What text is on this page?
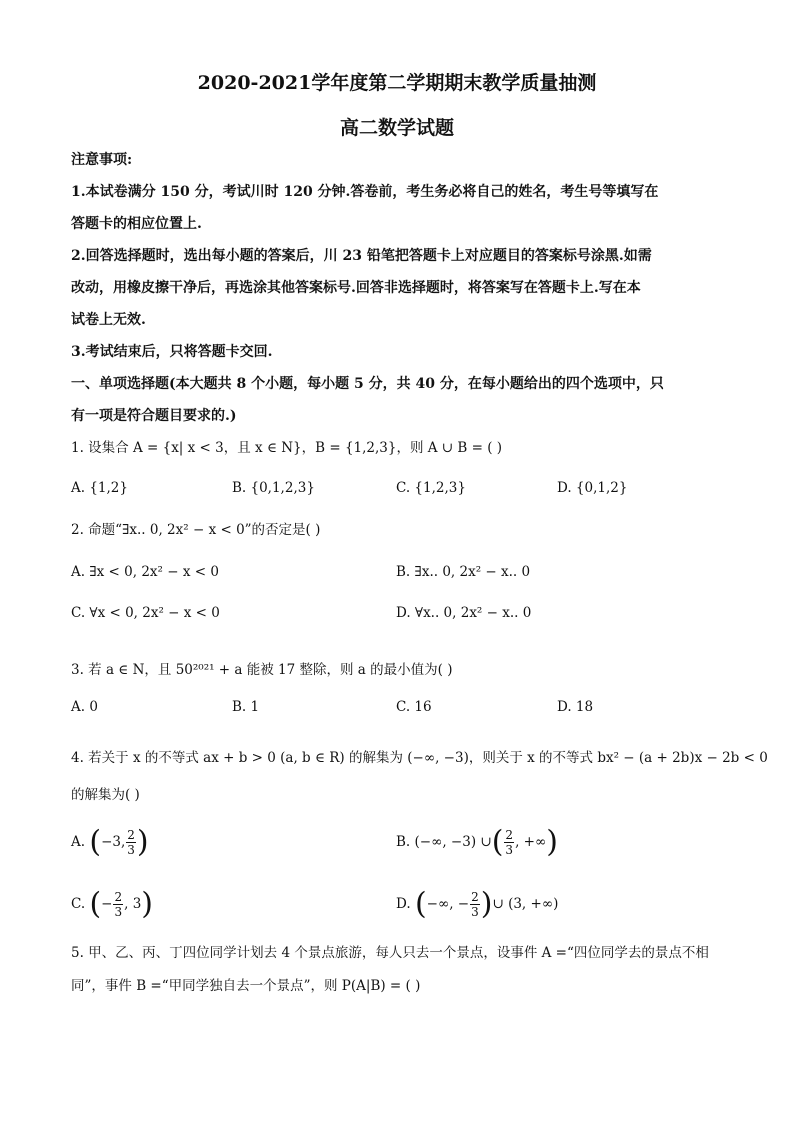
2020-2021学年度第二学期期末教学质量抽测
高二数学试题
注意事项:
1.本试卷满分 150 分，考试川时 120 分钟.答卷前，考生务必将自己的姓名，考生号等填写在
答题卡的相应位置上.
2.回答选择题时，选出每小题的答案后，川 23 铅笔把答题卡上对应题目的答案标号涂黑.如需
改动，用橡皮擦干净后，再选涂其他答案标号.回答非选择题时，将答案写在答题卡上.写在本
试卷上无效.
3.考试结束后，只将答题卡交回.
一、单项选择题(本大题共 8 个小题，每小题 5 分，共 40 分，在每小题给出的四个选项中，只
有一项是符合题目要求的.)
1. 设集合 A = {x| x < 3，且 x ∈ N}，B = {1,2,3}，则 A ∪ B = ( )
A. {1,2}	B. {0,1,2,3}	C. {1,2,3}	D. {0,1,2}
2. 命题“∃x.. 0, 2x² − x < 0”的否定是( )
A. ∃x < 0, 2x² − x < 0	B. ∃x.. 0, 2x² − x.. 0
C. ∀x < 0, 2x² − x < 0	D. ∀x.. 0, 2x² − x.. 0
3. 若 a ∈ N，且 50²⁰²¹ + a 能被 17 整除，则 a 的最小值为( )
A. 0	B. 1	C. 16	D. 18
4. 若关于 x 的不等式 ax + b > 0 (a, b ∈ R) 的解集为 (−∞, −3)，则关于 x 的不等式 bx² − (a + 2b)x − 2b < 0
的解集为( )
A. (−3, $\frac{2}{3}$ )	B. (−∞, −3) ∪( $\frac{2}{3}$ , +∞)
C. (− $\frac{2}{3}$ , 3)	D. (−∞, − $\frac{2}{3}$ )∪ (3, +∞)
5. 甲、乙、丙、丁四位同学计划去 4 个景点旅游，每人只去一个景点，设事件 A =“四位同学去的景点不相
同”，事件 B =“甲同学独自去一个景点”，则 P(A|B) = ( )
